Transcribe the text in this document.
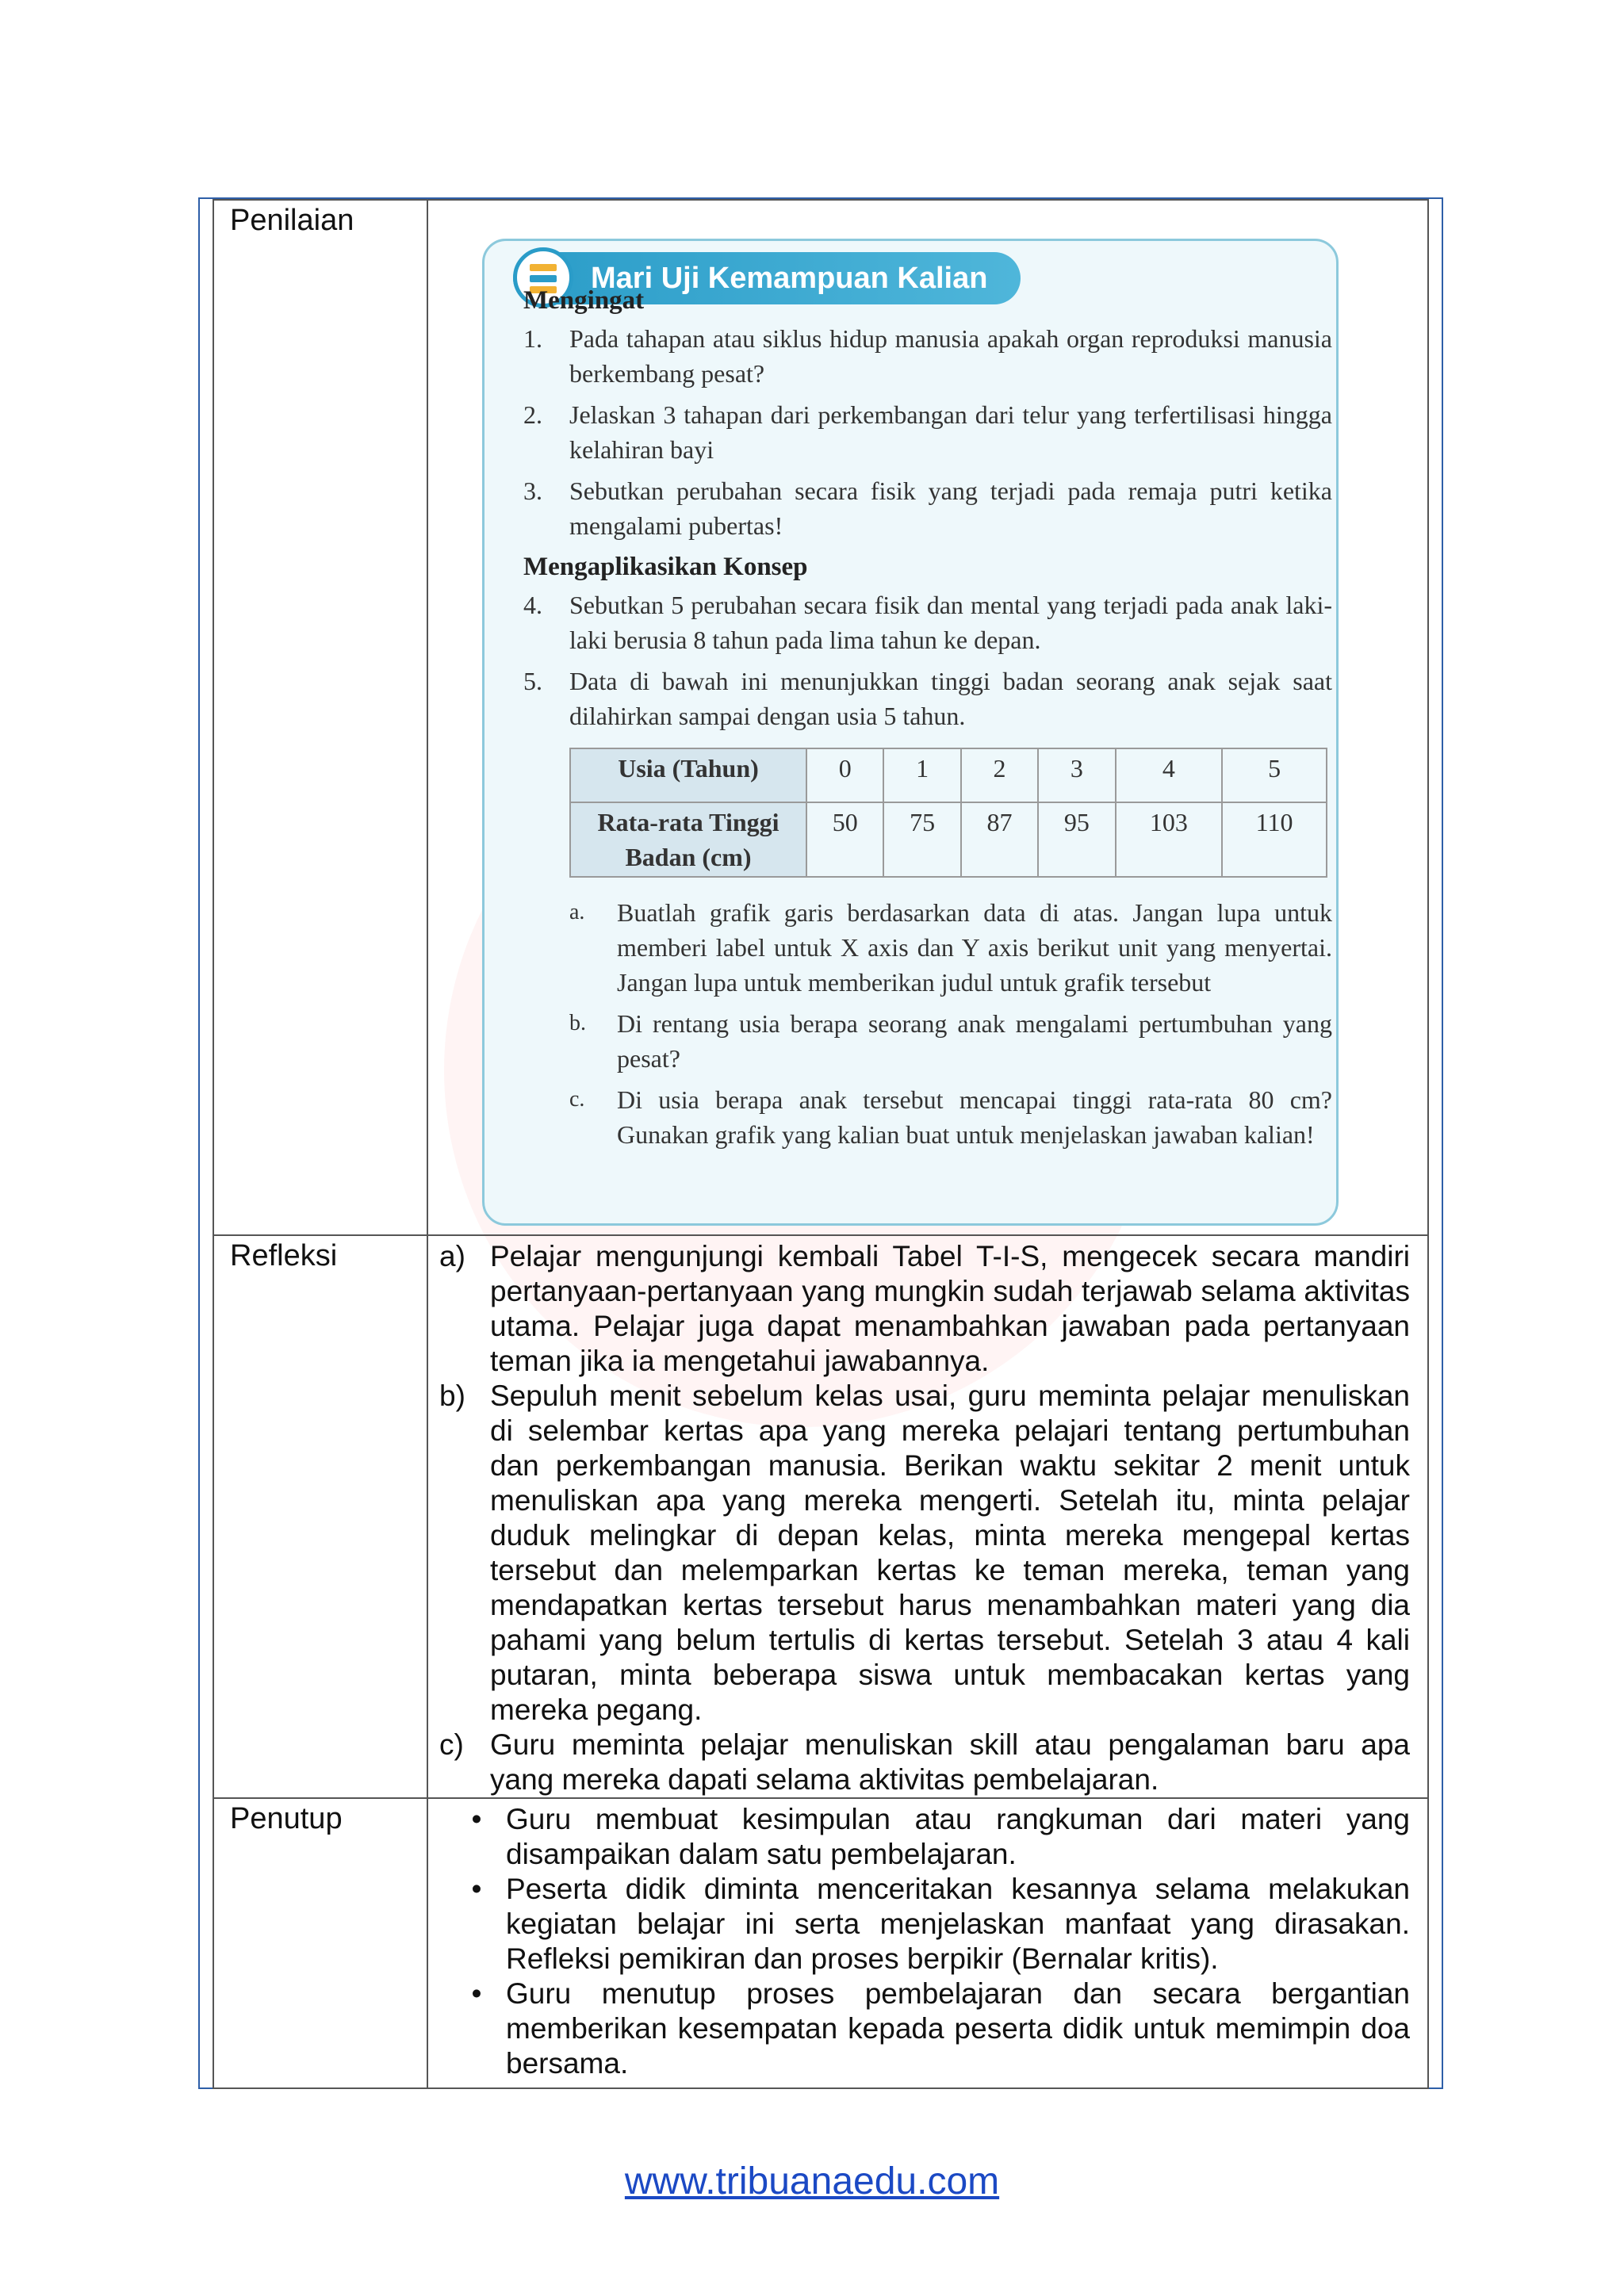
Penilaian	
Mari Uji Kemampuan Kalian
Mengingat
1.	Pada tahapan atau siklus hidup manusia apakah organ reproduksi manusia berkembang pesat?
2.	Jelaskan 3 tahapan dari perkembangan dari telur yang terfertilisasi hingga kelahiran bayi
3.	Sebutkan perubahan secara fisik yang terjadi pada remaja putri ketika mengalami pubertas!
Mengaplikasikan Konsep
4.	Sebutkan 5 perubahan secara fisik dan mental yang terjadi pada anak laki-laki berusia 8 tahun pada lima tahun ke depan.
5.	Data di bawah ini menunjukkan tinggi badan seorang anak sejak saat dilahirkan sampai dengan usia 5 tahun.
Usia (Tahun)	0	1	2	3	4	5
Rata-rata Tinggi Badan (cm)	50	75	87	95	103	110
a.	Buatlah grafik garis berdasarkan data di atas. Jangan lupa untuk memberi label untuk X axis dan Y axis berikut unit yang menyertai. Jangan lupa untuk memberikan judul untuk grafik tersebut
b.	Di rentang usia berapa seorang anak mengalami pertumbuhan yang pesat?
c.	Di usia berapa anak tersebut mencapai tinggi rata-rata 80 cm? Gunakan grafik yang kalian buat untuk menjelaskan jawaban kalian!

Refleksi	a) Pelajar mengunjungi kembali Tabel T-I-S, mengecek secara mandiri pertanyaan-pertanyaan yang mungkin sudah terjawab selama aktivitas utama. Pelajar juga dapat menambahkan jawaban pada pertanyaan teman jika ia mengetahui jawabannya.
b) Sepuluh menit sebelum kelas usai, guru meminta pelajar menuliskan di selembar kertas apa yang mereka pelajari tentang pertumbuhan dan perkembangan manusia. Berikan waktu sekitar 2 menit untuk menuliskan apa yang mereka mengerti. Setelah itu, minta pelajar duduk melingkar di depan kelas, minta mereka mengepal kertas tersebut dan melemparkan kertas ke teman mereka, teman yang mendapatkan kertas tersebut harus menambahkan materi yang dia pahami yang belum tertulis di kertas tersebut. Setelah 3 atau 4 kali putaran, minta beberapa siswa untuk membacakan kertas yang mereka pegang.
c) Guru meminta pelajar menuliskan skill atau pengalaman baru apa yang mereka dapati selama aktivitas pembelajaran.

Penutup	• Guru membuat kesimpulan atau rangkuman dari materi yang disampaikan dalam satu pembelajaran.
• Peserta didik diminta menceritakan kesannya selama melakukan kegiatan belajar ini serta menjelaskan manfaat yang dirasakan. Refleksi pemikiran dan proses berpikir (Bernalar kritis).
• Guru menutup proses pembelajaran dan secara bergantian memberikan kesempatan kepada peserta didik untuk memimpin doa bersama.
www.tribuanaedu.com
